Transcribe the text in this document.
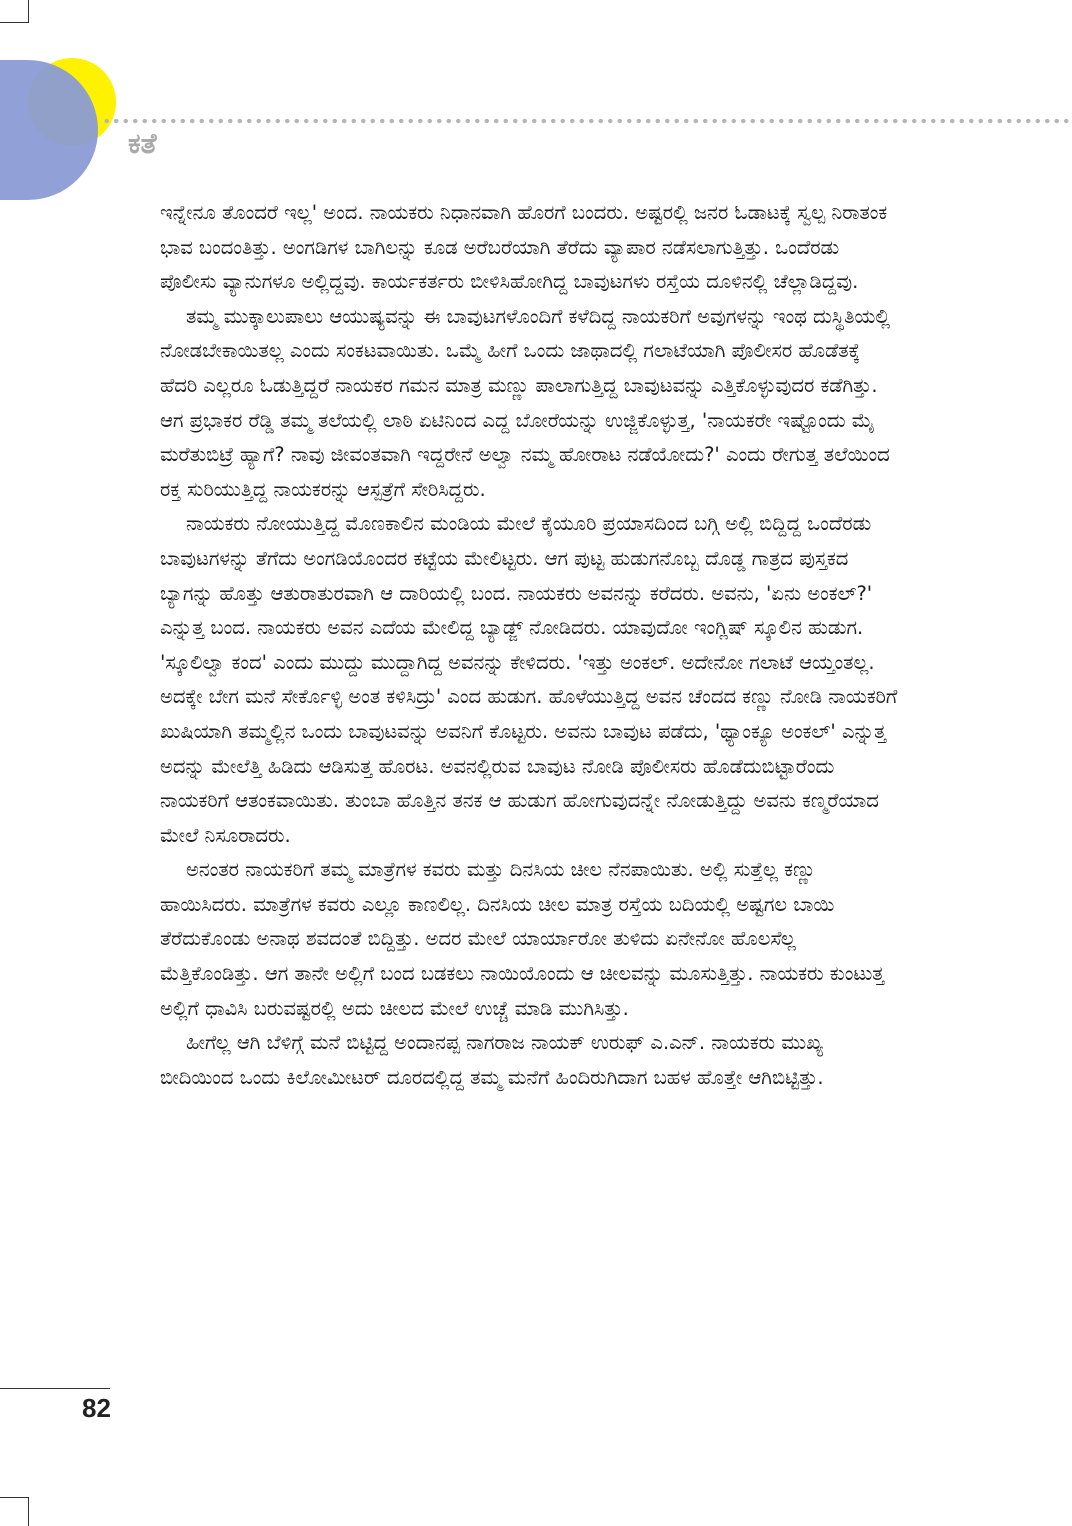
ಕತೆ

ಇನ್ನೇನೂ ತೊಂದರೆ ಇಲ್ಲ' ಅಂದ. ನಾಯಕರು ನಿಧಾನವಾಗಿ ಹೊರಗೆ ಬಂದರು. ಅಷ್ಟರಲ್ಲಿ ಜನರ ಓಡಾಟಕ್ಕೆ ಸ್ವಲ್ಪ ನಿರಾತಂಕ ಭಾವ ಬಂದಂತಿತ್ತು. ಅಂಗಡಿಗಳ ಬಾಗಿಲನ್ನು ಕೂಡ ಅರೆಬರೆಯಾಗಿ ತೆರೆದು ವ್ಯಾಪಾರ ನಡೆಸಲಾಗುತ್ತಿತ್ತು. ಒಂದೆರಡು ಪೊಲೀಸು ವ್ಯಾನುಗಳೂ ಅಲ್ಲಿದ್ದವು. ಕಾರ್ಯಕರ್ತರು ಬೀಳಿಸಿಹೋಗಿದ್ದ ಬಾವುಟಗಳು ರಸ್ತೆಯ ದೂಳಿನಲ್ಲಿ ಚೆಲ್ಲಾಡಿದ್ದವು.

ತಮ್ಮ ಮುಕ್ಕಾಲುಪಾಲು ಆಯುಷ್ಯವನ್ನು ಈ ಬಾವುಟಗಳೊಂದಿಗೆ ಕಳೆದಿದ್ದ ನಾಯಕರಿಗೆ ಅವುಗಳನ್ನು ಇಂಥ ದುಸ್ಥಿತಿಯಲ್ಲಿ ನೋಡಬೇಕಾಯಿತಲ್ಲ ಎಂದು ಸಂಕಟವಾಯಿತು. ಒಮ್ಮೆ ಹೀಗೆ ಒಂದು ಜಾಥಾದಲ್ಲಿ ಗಲಾಟೆಯಾಗಿ ಪೊಲೀಸರ ಹೊಡೆತಕ್ಕೆ ಹೆದರಿ ಎಲ್ಲರೂ ಓಡುತ್ತಿದ್ದರೆ ನಾಯಕರ ಗಮನ ಮಾತ್ರ ಮಣ್ಣು ಪಾಲಾಗುತ್ತಿದ್ದ ಬಾವುಟವನ್ನು ಎತ್ತಿಕೊಳ್ಳುವುದರ ಕಡೆಗಿತ್ತು. ಆಗ ಪ್ರಭಾಕರ ರೆಡ್ಡಿ ತಮ್ಮ ತಲೆಯಲ್ಲಿ ಲಾಠಿ ಏಟಿನಿಂದ ಎದ್ದ ಬೋರೆಯನ್ನು ಉಜ್ಜಿಕೊಳ್ಳುತ್ತ, 'ನಾಯಕರೇ ಇಷ್ಟೊಂದು ಮೈ ಮರೆತುಬಿಟ್ರೆ ಹ್ಯಾಗೆ? ನಾವು ಜೀವಂತವಾಗಿ ಇದ್ದರೇನೆ ಅಲ್ವಾ ನಮ್ಮ ಹೋರಾಟ ನಡೆಯೋದು?' ಎಂದು ರೇಗುತ್ತ ತಲೆಯಿಂದ ರಕ್ತ ಸುರಿಯುತ್ತಿದ್ದ ನಾಯಕರನ್ನು ಆಸ್ಪತ್ರೆಗೆ ಸೇರಿಸಿದ್ದರು.

ನಾಯಕರು ನೋಯುತ್ತಿದ್ದ ಮೊಣಕಾಲಿನ ಮಂಡಿಯ ಮೇಲೆ ಕೈಯೂರಿ ಪ್ರಯಾಸದಿಂದ ಬಗ್ಗಿ ಅಲ್ಲಿ ಬಿದ್ದಿದ್ದ ಒಂದೆರಡು ಬಾವುಟಗಳನ್ನು ತೆಗೆದು ಅಂಗಡಿಯೊಂದರ ಕಟ್ಟೆಯ ಮೇಲಿಟ್ಟರು. ಆಗ ಪುಟ್ಟ ಹುಡುಗನೊಬ್ಬ ದೊಡ್ಡ ಗಾತ್ರದ ಪುಸ್ತಕದ ಬ್ಯಾಗನ್ನು ಹೊತ್ತು ಆತುರಾತುರವಾಗಿ ಆ ದಾರಿಯಲ್ಲಿ ಬಂದ. ನಾಯಕರು ಅವನನ್ನು ಕರೆದರು. ಅವನು, 'ಏನು ಅಂಕಲ್?' ಎನ್ನುತ್ತ ಬಂದ. ನಾಯಕರು ಅವನ ಎದೆಯ ಮೇಲಿದ್ದ ಬ್ಯಾಡ್ಜ್ ನೋಡಿದರು. ಯಾವುದೋ ಇಂಗ್ಲಿಷ್ ಸ್ಕೂಲಿನ ಹುಡುಗ. 'ಸ್ಕೂಲಿಲ್ವಾ ಕಂದ' ಎಂದು ಮುದ್ದು ಮುದ್ದಾಗಿದ್ದ ಅವನನ್ನು ಕೇಳಿದರು. 'ಇತ್ತು ಅಂಕಲ್. ಅದೇನೋ ಗಲಾಟೆ ಆಯ್ತಂತಲ್ಲ. ಅದಕ್ಕೇ ಬೇಗ ಮನೆ ಸೇರ್ಕೊಳ್ಳಿ ಅಂತ ಕಳಿಸಿದ್ರು' ಎಂದ ಹುಡುಗ. ಹೊಳೆಯುತ್ತಿದ್ದ ಅವನ ಚೆಂದದ ಕಣ್ಣು ನೋಡಿ ನಾಯಕರಿಗೆ ಖುಷಿಯಾಗಿ ತಮ್ಮಲ್ಲಿನ ಒಂದು ಬಾವುಟವನ್ನು ಅವನಿಗೆ ಕೊಟ್ಟರು. ಅವನು ಬಾವುಟ ಪಡೆದು, 'ಥ್ಯಾಂಕ್ಯೂ ಅಂಕಲ್' ಎನ್ನುತ್ತ ಅದನ್ನು ಮೇಲೆತ್ತಿ ಹಿಡಿದು ಆಡಿಸುತ್ತ ಹೊರಟ. ಅವನಲ್ಲಿರುವ ಬಾವುಟ ನೋಡಿ ಪೊಲೀಸರು ಹೊಡೆದುಬಿಟ್ಟಾರೆಂದು ನಾಯಕರಿಗೆ ಆತಂಕವಾಯಿತು. ತುಂಬಾ ಹೊತ್ತಿನ ತನಕ ಆ ಹುಡುಗ ಹೋಗುವುದನ್ನೇ ನೋಡುತ್ತಿದ್ದು ಅವನು ಕಣ್ಮರೆಯಾದ ಮೇಲೆ ನಿಸೂರಾದರು.

ಅನಂತರ ನಾಯಕರಿಗೆ ತಮ್ಮ ಮಾತ್ರೆಗಳ ಕವರು ಮತ್ತು ದಿನಸಿಯ ಚೀಲ ನೆನಪಾಯಿತು. ಅಲ್ಲಿ ಸುತ್ತೆಲ್ಲ ಕಣ್ಣು ಹಾಯಿಸಿದರು. ಮಾತ್ರೆಗಳ ಕವರು ಎಲ್ಲೂ ಕಾಣಲಿಲ್ಲ. ದಿನಸಿಯ ಚೀಲ ಮಾತ್ರ ರಸ್ತೆಯ ಬದಿಯಲ್ಲಿ ಅಷ್ಟಗಲ ಬಾಯಿ ತೆರೆದುಕೊಂಡು ಅನಾಥ ಶವದಂತೆ ಬಿದ್ದಿತ್ತು. ಅದರ ಮೇಲೆ ಯಾರ್ಯಾರೋ ತುಳಿದು ಏನೇನೋ ಹೊಲಸೆಲ್ಲ ಮೆತ್ತಿಕೊಂಡಿತ್ತು. ಆಗ ತಾನೇ ಅಲ್ಲಿಗೆ ಬಂದ ಬಡಕಲು ನಾಯಿಯೊಂದು ಆ ಚೀಲವನ್ನು ಮೂಸುತ್ತಿತ್ತು. ನಾಯಕರು ಕುಂಟುತ್ತ ಅಲ್ಲಿಗೆ ಧಾವಿಸಿ ಬರುವಷ್ಟರಲ್ಲಿ ಅದು ಚೀಲದ ಮೇಲೆ ಉಚ್ಚೆ ಮಾಡಿ ಮುಗಿಸಿತ್ತು.

ಹೀಗೆಲ್ಲ ಆಗಿ ಬೆಳಿಗ್ಗೆ ಮನೆ ಬಿಟ್ಟಿದ್ದ ಅಂದಾನಪ್ಪ ನಾಗರಾಜ ನಾಯಕ್ ಉರುಫ್ ಎ.ಎನ್. ನಾಯಕರು ಮುಖ್ಯ ಬೀದಿಯಿಂದ ಒಂದು ಕಿಲೋಮೀಟರ್ ದೂರದಲ್ಲಿದ್ದ ತಮ್ಮ ಮನೆಗೆ ಹಿಂದಿರುಗಿದಾಗ ಬಹಳ ಹೊತ್ತೇ ಆಗಿಬಿಟ್ಟಿತ್ತು.

82
